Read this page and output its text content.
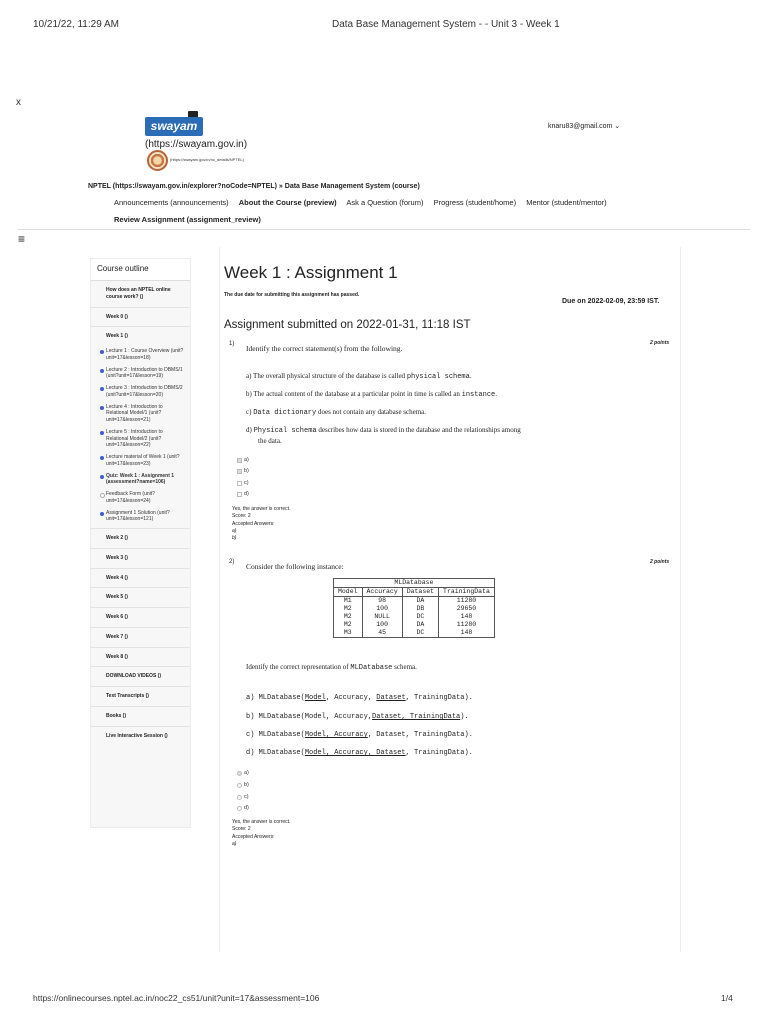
10/21/22, 11:29 AM	Data Base Management System - - Unit 3 - Week 1
x
swayam
(https://swayam.gov.in)
(https://swayam.gov.in/nc_details/NPTEL)
knaru83@gmail.com ⌄
NPTEL (https://swayam.gov.in/explorer?noCode=NPTEL) » Data Base Management System (course)
Announcements (announcements) About the Course (preview) Ask a Question (forum) Progress (student/home) Mentor (student/mentor)
Review Assignment (assignment_review)
≡
Course outline
How does an NPTEL online course work? ()
Week 0 ()
Week 1 ()
Lecture 1 : Course Overview (unit?unit=17&lesson=18)
Lecture 2 : Introduction to DBMS/1 (unit?unit=17&lesson=19)
Lecture 3 : Introduction to DBMS/2 (unit?unit=17&lesson=20)
Lecture 4 : Introduction to Relational Model/1 (unit?unit=17&lesson=21)
Lecture 5 : Introduction to Relational Model/2 (unit?unit=17&lesson=22)
Lecture material of Week 1 (unit?unit=17&lesson=23)
Quiz: Week 1 : Assignment 1 (assessment?name=106)
Feedback Form (unit?unit=17&lesson=24)
Assignment 1 Solution (unit?unit=17&lesson=121)
Week 2 ()
Week 3 ()
Week 4 ()
Week 5 ()
Week 6 ()
Week 7 ()
Week 8 ()
DOWNLOAD VIDEOS ()
Text Transcripts ()
Books ()
Live Interactive Session ()
Week 1 : Assignment 1
The due date for submitting this assignment has passed.
Due on 2022-02-09, 23:59 IST.
Assignment submitted on 2022-01-31, 11:18 IST
1)	2 points
Identify the correct statement(s) from the following.
a) The overall physical structure of the database is called physical schema.
b) The actual content of the database at a particular point in time is called an instance.
c) Data dictionary does not contain any database schema.
d) Physical schema describes how data is stored in the database and the relationships among
the data.
a)
b)
c)
d)
Yes, the answer is correct.
Score: 2
Accepted Answers:
a)
b)
2)	2 points
Consider the following instance:
MLDatabase			
Model	Accuracy	Dataset	TrainingData
M1	98	DA	11280
M2	100	DB	29650
M2	NULL	DC	148
M2	100	DA	11280
M3	45	DC	148
Identify the correct representation of MLDatabase schema.
a) MLDatabase(Model, Accuracy, Dataset, TrainingData).
b) MLDatabase(Model, Accuracy,Dataset, TrainingData).
c) MLDatabase(Model, Accuracy, Dataset, TrainingData).
d) MLDatabase(Model, Accuracy, Dataset, TrainingData).
a)
b)
c)
d)
Yes, the answer is correct.
Score: 2
Accepted Answers:
a)
https://onlinecourses.nptel.ac.in/noc22_cs51/unit?unit=17&assessment=106	1/4
